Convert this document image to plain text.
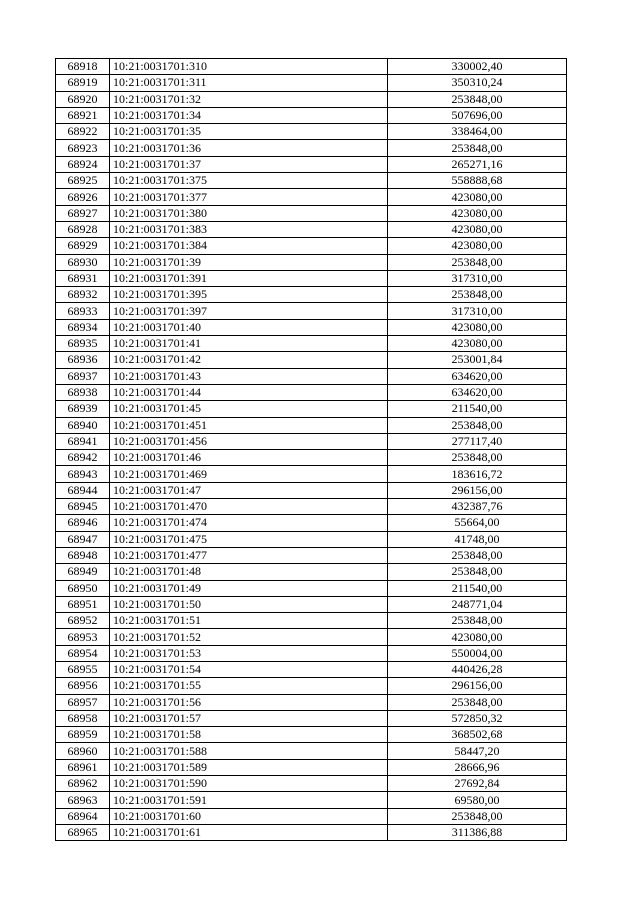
68918	10:21:0031701:310	330002,40
68919	10:21:0031701:311	350310,24
68920	10:21:0031701:32	253848,00
68921	10:21:0031701:34	507696,00
68922	10:21:0031701:35	338464,00
68923	10:21:0031701:36	253848,00
68924	10:21:0031701:37	265271,16
68925	10:21:0031701:375	558888,68
68926	10:21:0031701:377	423080,00
68927	10:21:0031701:380	423080,00
68928	10:21:0031701:383	423080,00
68929	10:21:0031701:384	423080,00
68930	10:21:0031701:39	253848,00
68931	10:21:0031701:391	317310,00
68932	10:21:0031701:395	253848,00
68933	10:21:0031701:397	317310,00
68934	10:21:0031701:40	423080,00
68935	10:21:0031701:41	423080,00
68936	10:21:0031701:42	253001,84
68937	10:21:0031701:43	634620,00
68938	10:21:0031701:44	634620,00
68939	10:21:0031701:45	211540,00
68940	10:21:0031701:451	253848,00
68941	10:21:0031701:456	277117,40
68942	10:21:0031701:46	253848,00
68943	10:21:0031701:469	183616,72
68944	10:21:0031701:47	296156,00
68945	10:21:0031701:470	432387,76
68946	10:21:0031701:474	55664,00
68947	10:21:0031701:475	41748,00
68948	10:21:0031701:477	253848,00
68949	10:21:0031701:48	253848,00
68950	10:21:0031701:49	211540,00
68951	10:21:0031701:50	248771,04
68952	10:21:0031701:51	253848,00
68953	10:21:0031701:52	423080,00
68954	10:21:0031701:53	550004,00
68955	10:21:0031701:54	440426,28
68956	10:21:0031701:55	296156,00
68957	10:21:0031701:56	253848,00
68958	10:21:0031701:57	572850,32
68959	10:21:0031701:58	368502,68
68960	10:21:0031701:588	58447,20
68961	10:21:0031701:589	28666,96
68962	10:21:0031701:590	27692,84
68963	10:21:0031701:591	69580,00
68964	10:21:0031701:60	253848,00
68965	10:21:0031701:61	311386,88
